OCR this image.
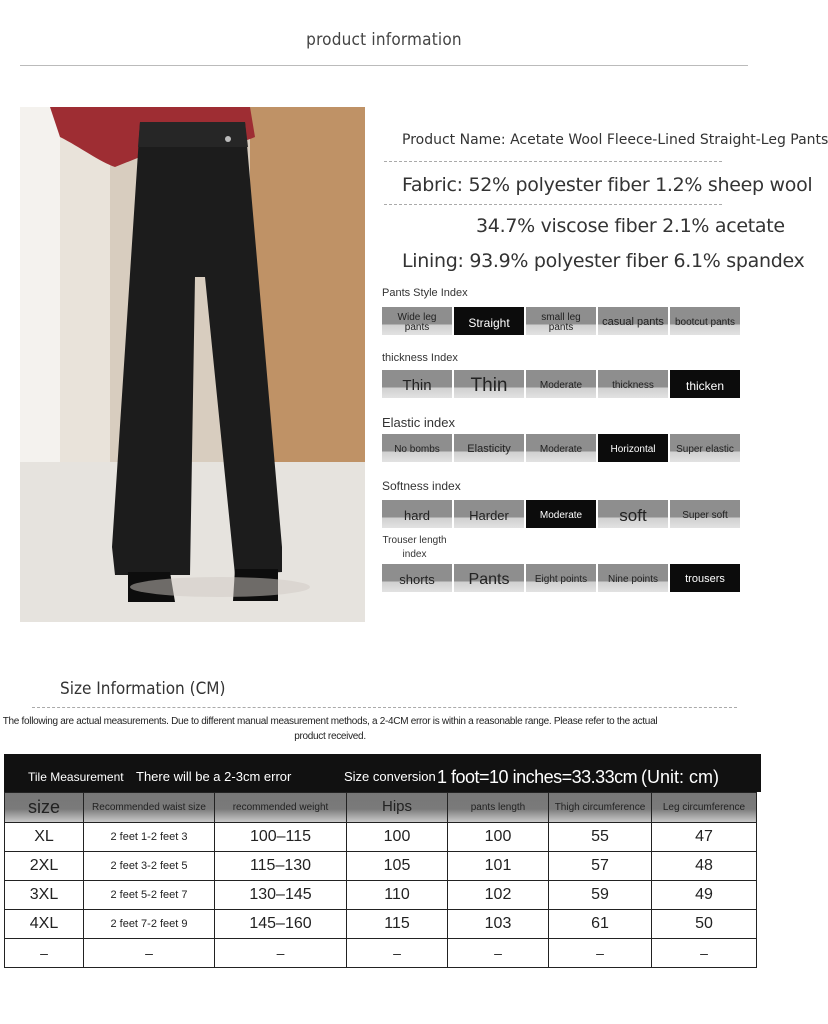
product information
Product Name: Acetate Wool Fleece-Lined Straight-Leg Pants
Fabric: 52% polyester fiber 1.2% sheep wool
34.7% viscose fiber 2.1% acetate
Lining: 93.9% polyester fiber 6.1% spandex
Pants Style Index
Wide leg pants	Straight	small leg pants	casual pants bootcut pants
thickness Index
Thin Thin	Moderate	thickness	thicken
Elastic index
No bombs	Elasticity	Moderate	Horizontal Super elastic
Softness index
hard	Harder	Moderate soft	Super soft
Trouser length index
shorts Pants	Eight points Nine points trousers
Size Information (CM)
The following are actual measurements. Due to different manual measurement methods, a 2-4CM error is within a reasonable range. Please refer to the actual product received.
Tile Measurement There will be a 2-3cm error	Size conversion 1 foot=10 inches=33.33cm (Unit: cm)
size	Recommended waist size	recommended weight	Hips	pants length	Thigh circumference	Leg circumference
XL	2 feet 1-2 feet 3	100–115	100	100	55	47
2XL	2 feet 3-2 feet 5	115–130	105	101	57	48
3XL	2 feet 5-2 feet 7	130–145	110	102	59	49
4XL	2 feet 7-2 feet 9	145–160	115	103	61	50
–	–	–	–	–	–	–
